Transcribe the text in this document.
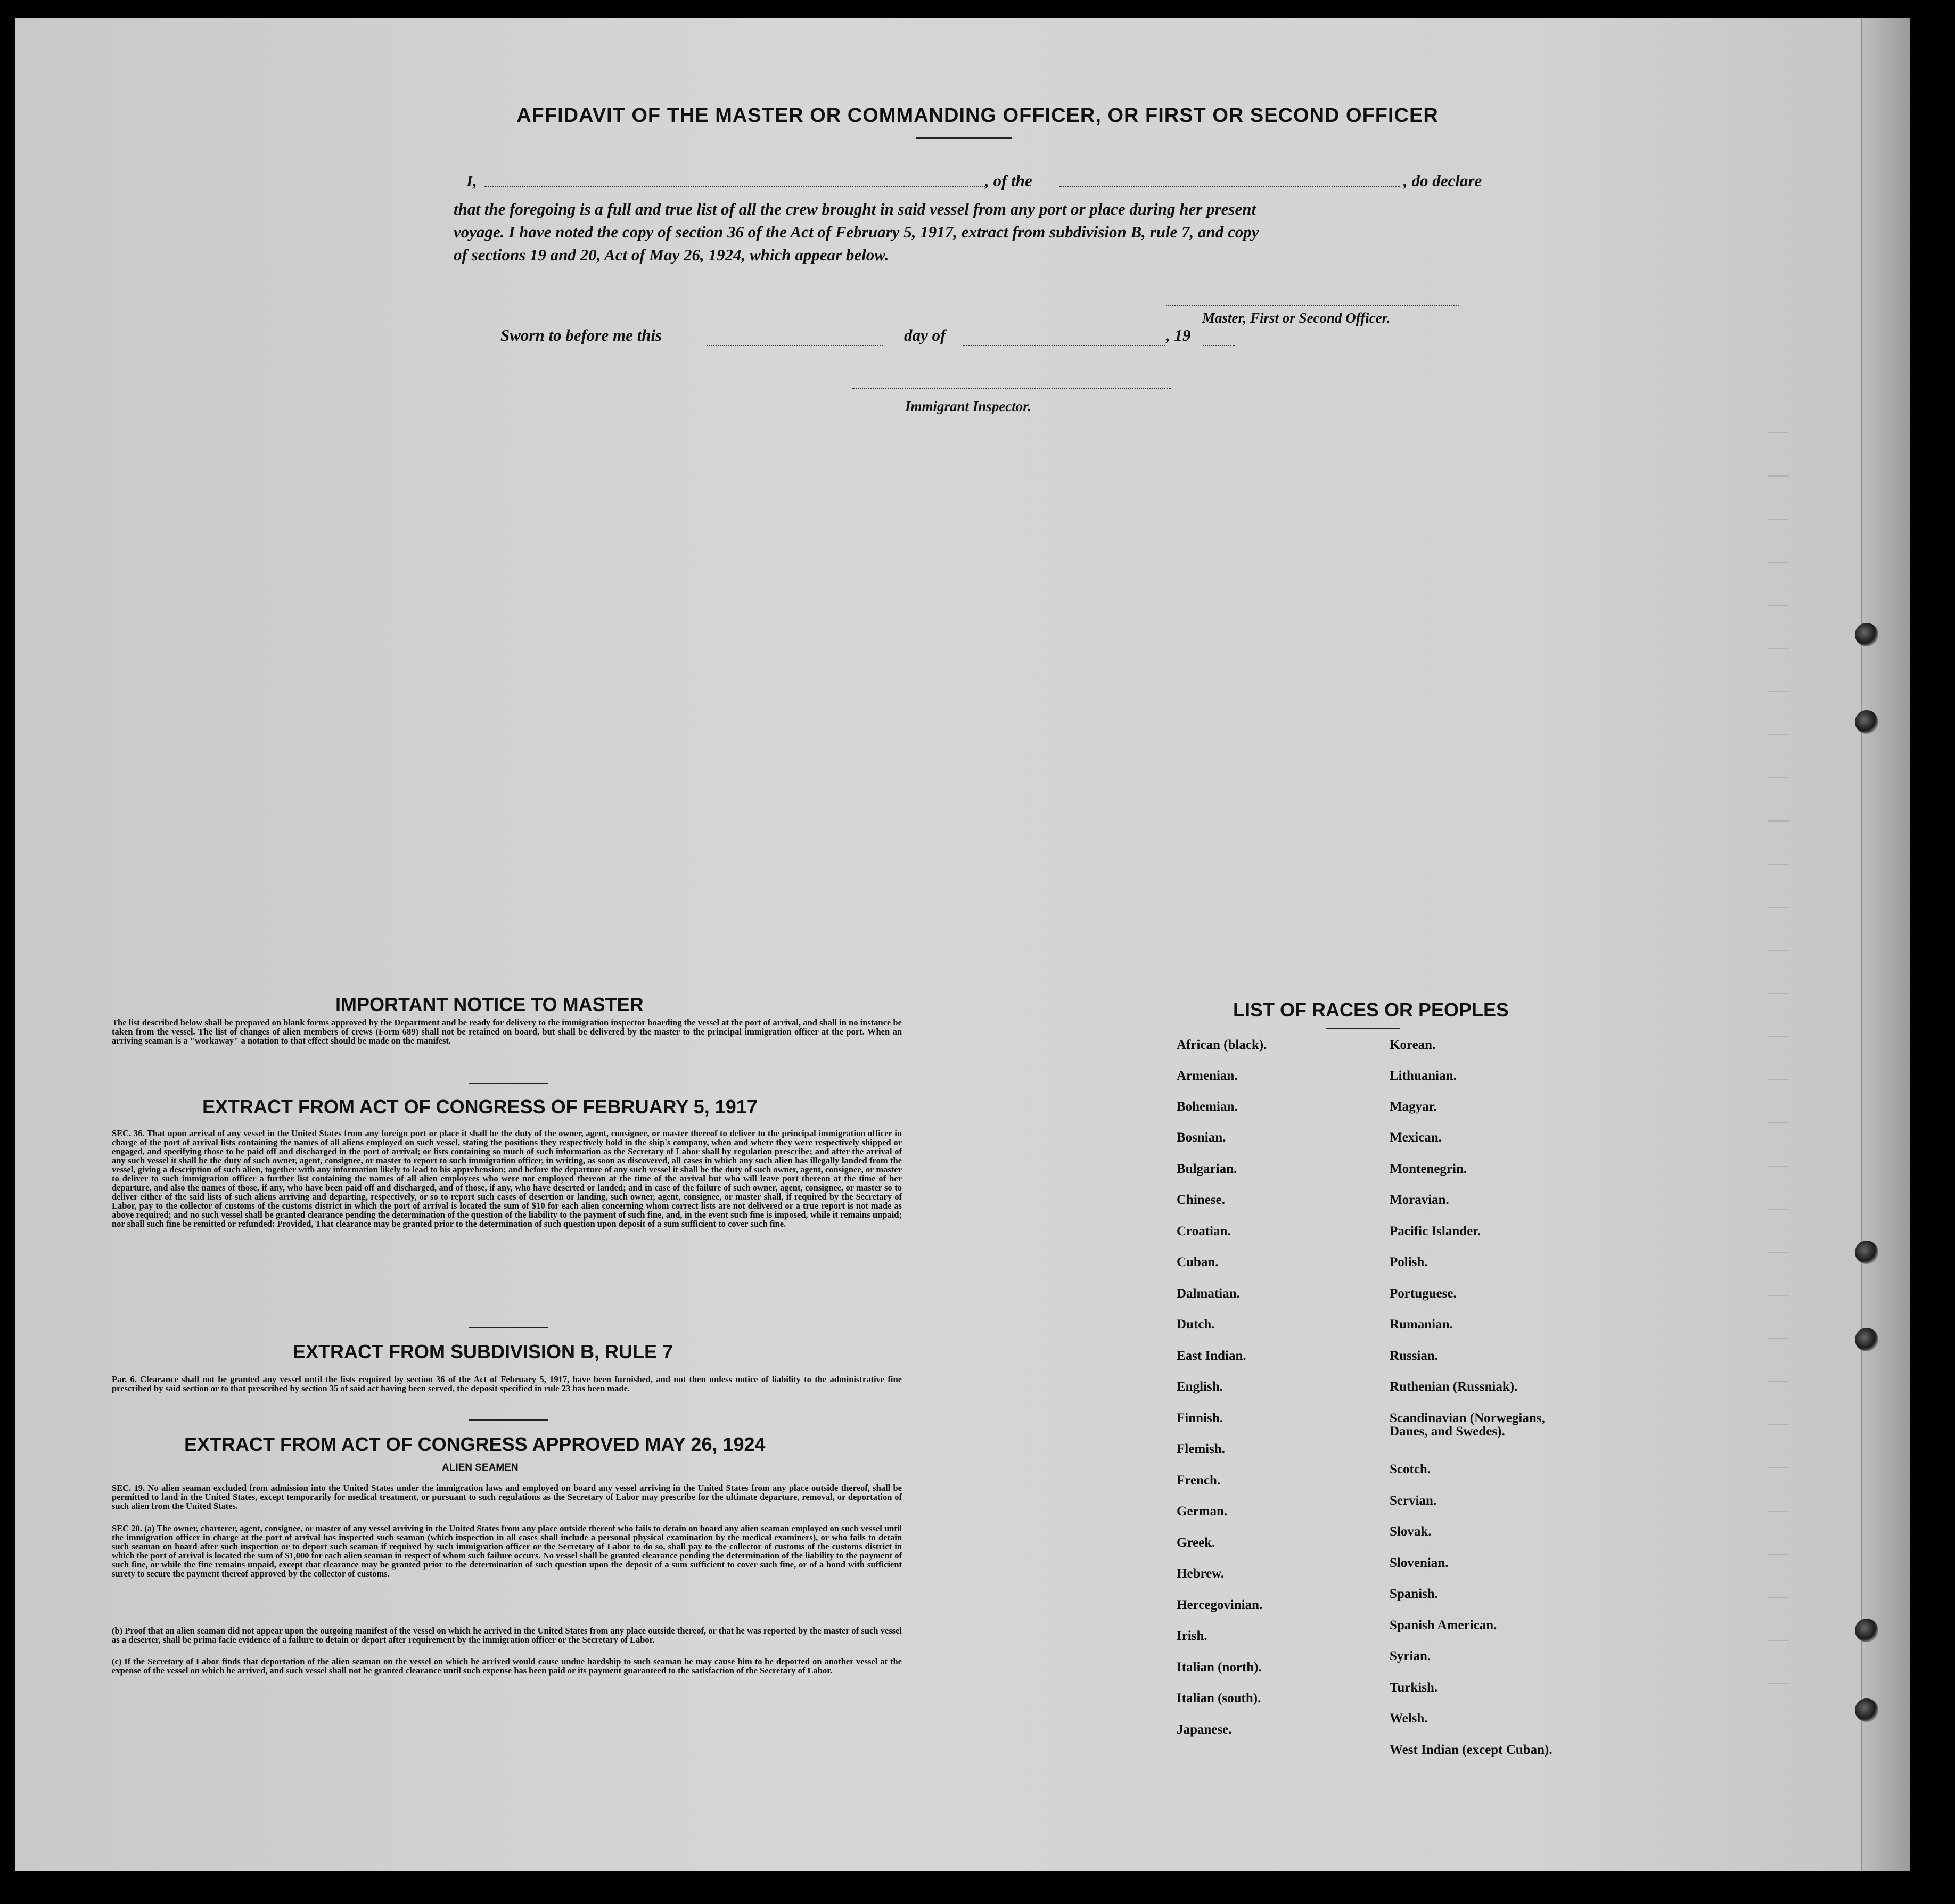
AFFIDAVIT OF THE MASTER OR COMMANDING OFFICER, OR FIRST OR SECOND OFFICER
I,	, of the	, do declare
that the foregoing is a full and true list of all the crew brought in said vessel from any port or place during her present
voyage. I have noted the copy of section 36 of the Act of February 5, 1917, extract from subdivision B, rule 7, and copy
of sections 19 and 20, Act of May 26, 1924, which appear below.
Master, First or Second Officer.
Sworn to before me this	day of	, 19
Immigrant Inspector.
IMPORTANT NOTICE TO MASTER
The list described below shall be prepared on blank forms approved by the Department and be ready for delivery to the immigration inspector boarding the vessel at the port of arrival, and shall in no instance be taken from the vessel. The list of changes of alien members of crews (Form 689) shall not be retained on board, but shall be delivered by the master to the principal immigration officer at the port. When an arriving seaman is a "workaway" a notation to that effect should be made on the manifest.
EXTRACT FROM ACT OF CONGRESS OF FEBRUARY 5, 1917
SEC. 36. That upon arrival of any vessel in the United States from any foreign port or place it shall be the duty of the owner, agent, consignee, or master thereof to deliver to the principal immigration officer in charge of the port of arrival lists containing the names of all aliens employed on such vessel, stating the positions they respectively hold in the ship's company, when and where they were respectively shipped or engaged, and specifying those to be paid off and discharged in the port of arrival; or lists containing so much of such information as the Secretary of Labor shall by regulation prescribe; and after the arrival of any such vessel it shall be the duty of such owner, agent, consignee, or master to report to such immigration officer, in writing, as soon as discovered, all cases in which any such alien has illegally landed from the vessel, giving a description of such alien, together with any information likely to lead to his apprehension; and before the departure of any such vessel it shall be the duty of such owner, agent, consignee, or master to deliver to such immigration officer a further list containing the names of all alien employees who were not employed thereon at the time of the arrival but who will leave port thereon at the time of her departure, and also the names of those, if any, who have been paid off and discharged, and of those, if any, who have deserted or landed; and in case of the failure of such owner, agent, consignee, or master so to deliver either of the said lists of such aliens arriving and departing, respectively, or so to report such cases of desertion or landing, such owner, agent, consignee, or master shall, if required by the Secretary of Labor, pay to the collector of customs of the customs district in which the port of arrival is located the sum of $10 for each alien concerning whom correct lists are not delivered or a true report is not made as above required; and no such vessel shall be granted clearance pending the determination of the question of the liability to the payment of such fine, and, in the event such fine is imposed, while it remains unpaid; nor shall such fine be remitted or refunded: Provided, That clearance may be granted prior to the determination of such question upon deposit of a sum sufficient to cover such fine.
EXTRACT FROM SUBDIVISION B, RULE 7
Par. 6. Clearance shall not be granted any vessel until the lists required by section 36 of the Act of February 5, 1917, have been furnished, and not then unless notice of liability to the administrative fine prescribed by said section or to that prescribed by section 35 of said act having been served, the deposit specified in rule 23 has been made.
EXTRACT FROM ACT OF CONGRESS APPROVED MAY 26, 1924
ALIEN SEAMEN
SEC. 19. No alien seaman excluded from admission into the United States under the immigration laws and employed on board any vessel arriving in the United States from any place outside thereof, shall be permitted to land in the United States, except temporarily for medical treatment, or pursuant to such regulations as the Secretary of Labor may prescribe for the ultimate departure, removal, or deportation of such alien from the United States.
SEC 20. (a) The owner, charterer, agent, consignee, or master of any vessel arriving in the United States from any place outside thereof who fails to detain on board any alien seaman employed on such vessel until the immigration officer in charge at the port of arrival has inspected such seaman (which inspection in all cases shall include a personal physical examination by the medical examiners), or who fails to detain such seaman on board after such inspection or to deport such seaman if required by such immigration officer or the Secretary of Labor to do so, shall pay to the collector of customs of the customs district in which the port of arrival is located the sum of $1,000 for each alien seaman in respect of whom such failure occurs. No vessel shall be granted clearance pending the determination of the liability to the payment of such fine, or while the fine remains unpaid, except that clearance may be granted prior to the determination of such question upon the deposit of a sum sufficient to cover such fine, or of a bond with sufficient surety to secure the payment thereof approved by the collector of customs.
(b) Proof that an alien seaman did not appear upon the outgoing manifest of the vessel on which he arrived in the United States from any place outside thereof, or that he was reported by the master of such vessel as a deserter, shall be prima facie evidence of a failure to detain or deport after requirement by the immigration officer or the Secretary of Labor.
(c) If the Secretary of Labor finds that deportation of the alien seaman on the vessel on which he arrived would cause undue hardship to such seaman he may cause him to be deported on another vessel at the expense of the vessel on which he arrived, and such vessel shall not be granted clearance until such expense has been paid or its payment guaranteed to the satisfaction of the Secretary of Labor.
LIST OF RACES OR PEOPLES
African (black).
Armenian.
Bohemian.
Bosnian.
Bulgarian.
Chinese.
Croatian.
Cuban.
Dalmatian.
Dutch.
East Indian.
English.
Finnish.
Flemish.
French.
German.
Greek.
Hebrew.
Hercegovinian.
Irish.
Italian (north).
Italian (south).
Japanese.
Korean.
Lithuanian.
Magyar.
Mexican.
Montenegrin.
Moravian.
Pacific Islander.
Polish.
Portuguese.
Rumanian.
Russian.
Ruthenian (Russniak).
Scandinavian (Norwegians, Danes, and Swedes).
Scotch.
Servian.
Slovak.
Slovenian.
Spanish.
Spanish American.
Syrian.
Turkish.
Welsh.
West Indian (except Cuban).
